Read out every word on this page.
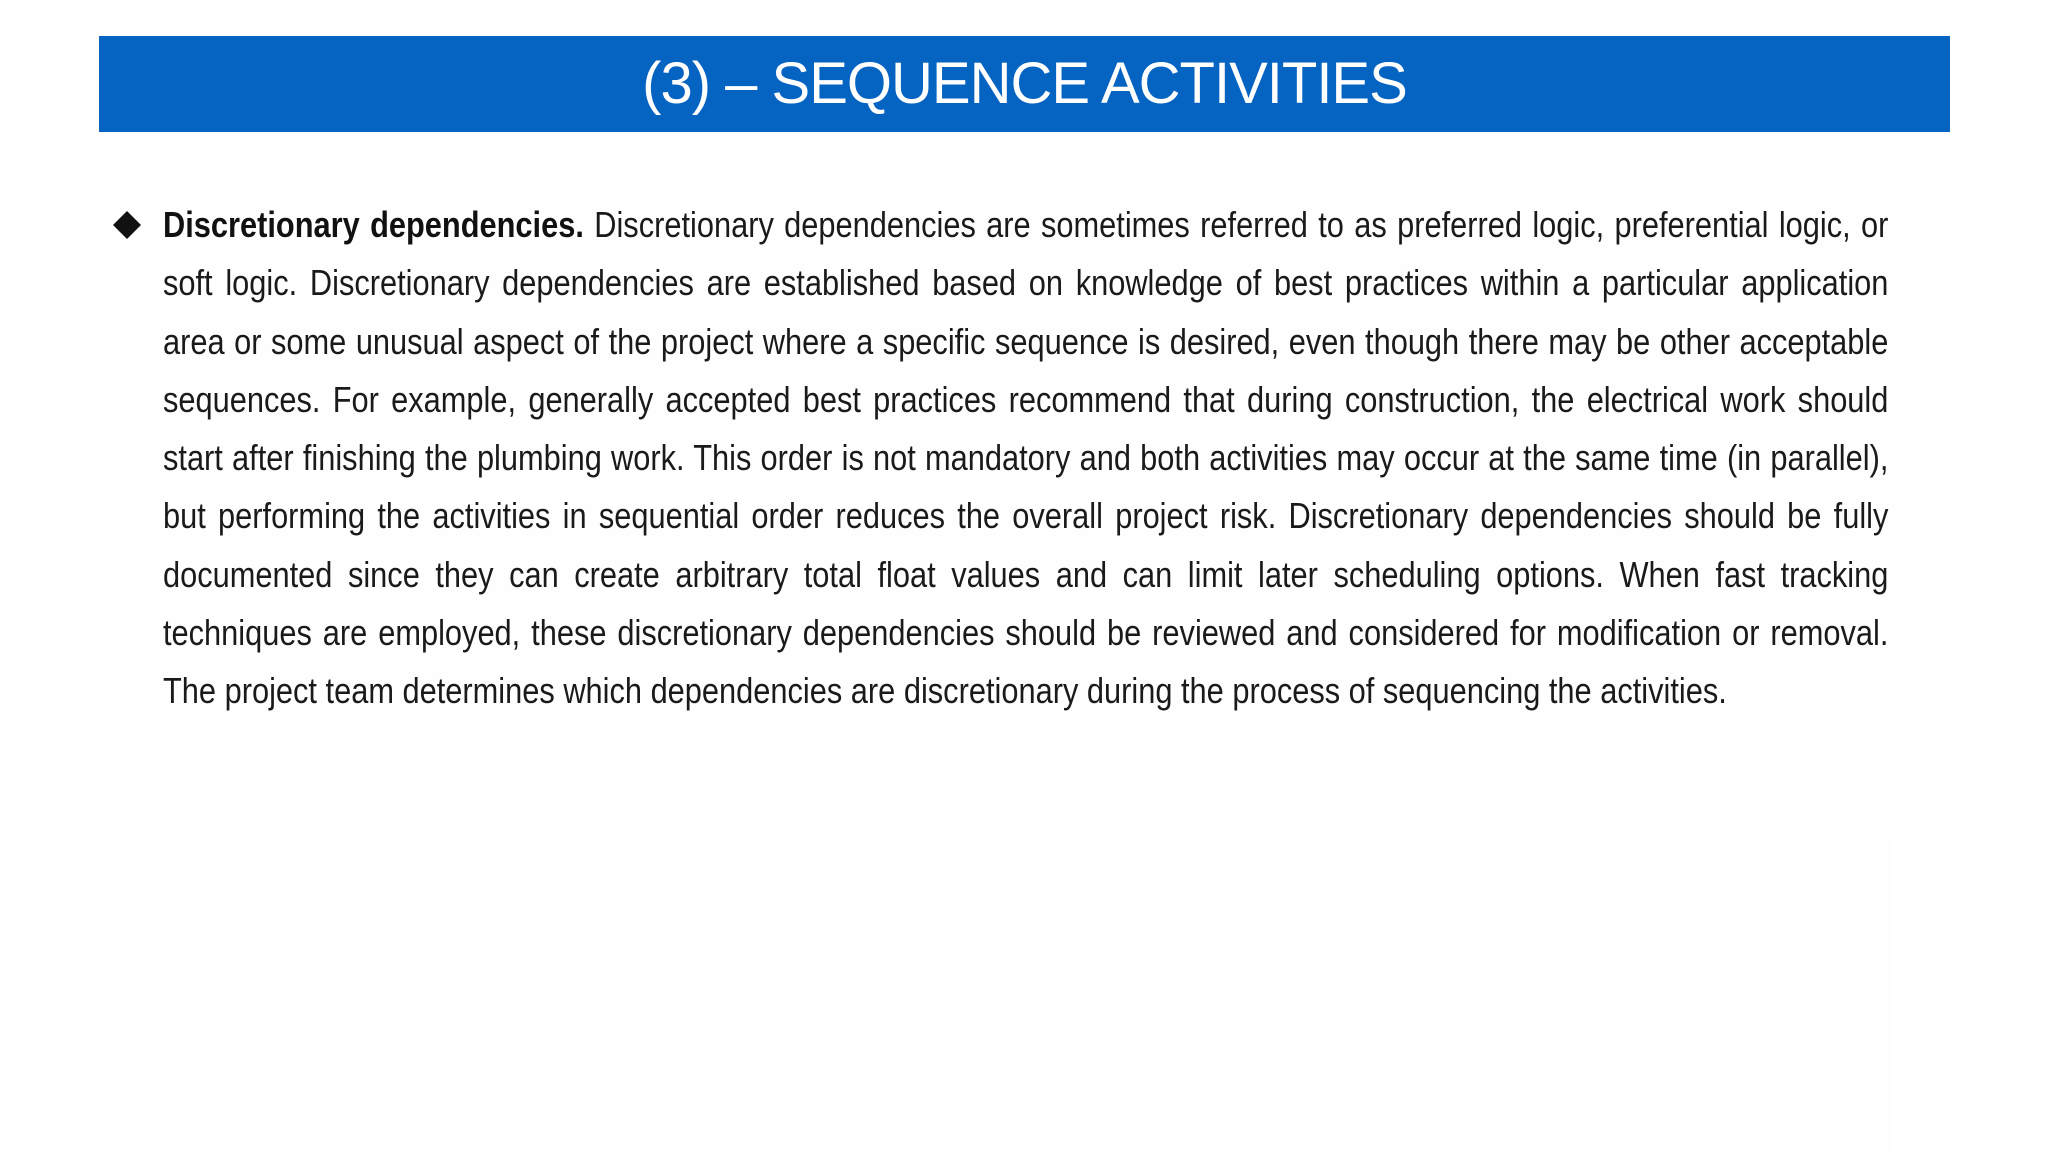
(3) – SEQUENCE ACTIVITIES

Discretionary dependencies. Discretionary dependencies are sometimes referred to as preferred logic, preferential logic, or soft logic. Discretionary dependencies are established based on knowledge of best practices within a particular application area or some unusual aspect of the project where a specific sequence is desired, even though there may be other acceptable sequences. For example, generally accepted best practices recommend that during construction, the electrical work should start after finishing the plumbing work. This order is not mandatory and both activities may occur at the same time (in parallel), but performing the activities in sequential order reduces the overall project risk. Discretionary dependencies should be fully documented since they can create arbitrary total float values and can limit later scheduling options. When fast tracking techniques are employed, these discretionary dependencies should be reviewed and considered for modification or removal. The project team determines which dependencies are discretionary during the process of sequencing the activities.
